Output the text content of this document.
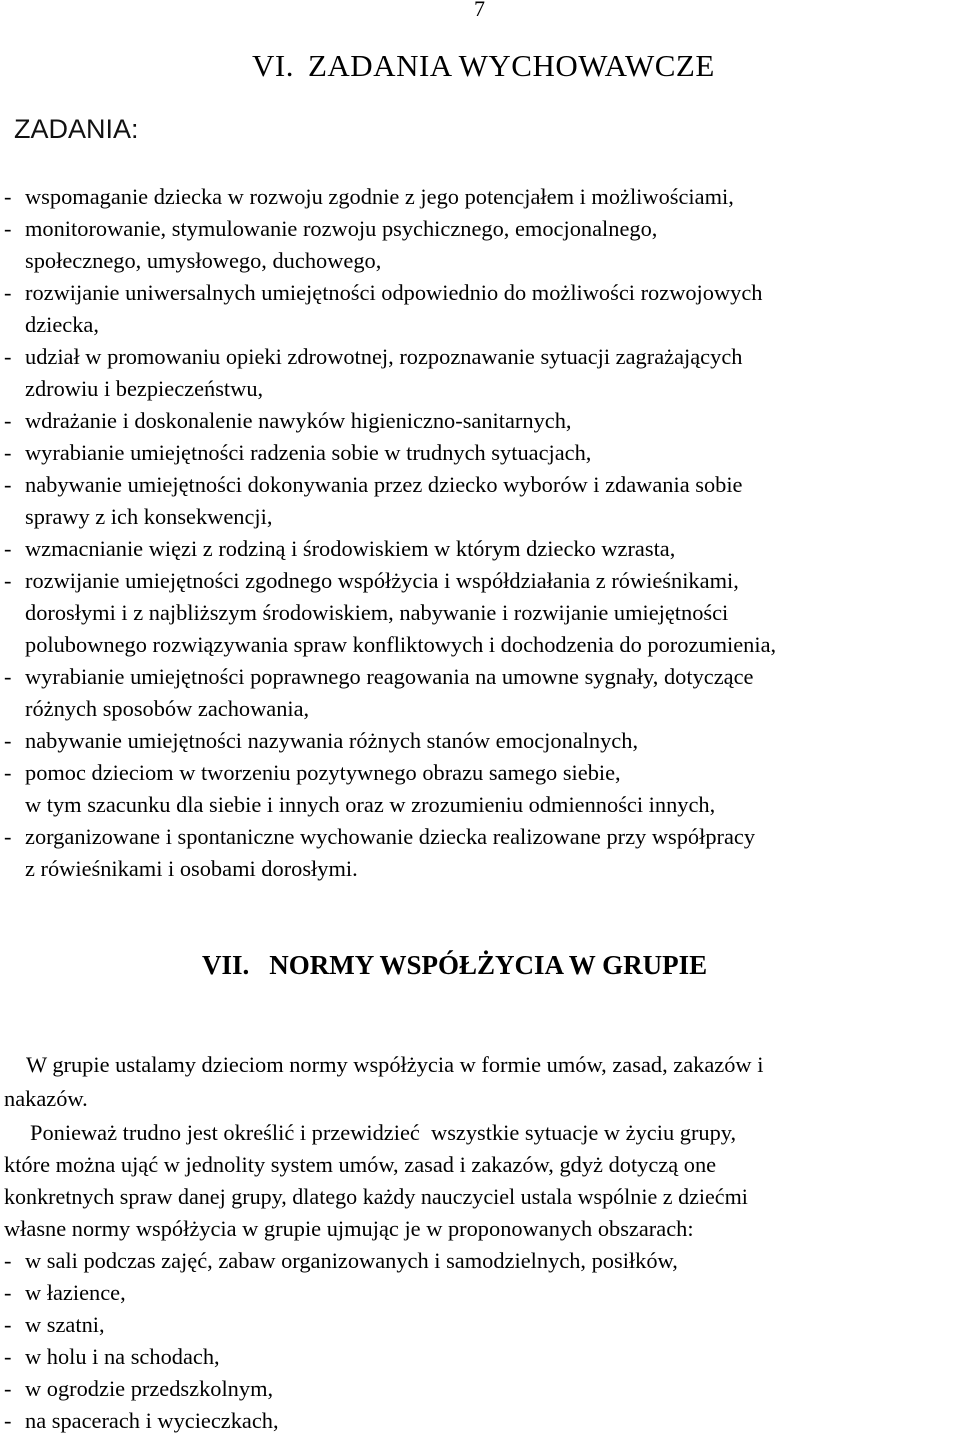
7
VI. ZADANIA WYCHOWAWCZE
ZADANIA:
- wspomaganie dziecka w rozwoju zgodnie z jego potencjałem i możliwościami,
- monitorowanie, stymulowanie rozwoju psychicznego, emocjonalnego,
społecznego, umysłowego, duchowego,
- rozwijanie uniwersalnych umiejętności odpowiednio do możliwości rozwojowych
dziecka,
- udział w promowaniu opieki zdrowotnej, rozpoznawanie sytuacji zagrażających
zdrowiu i bezpieczeństwu,
- wdrażanie i doskonalenie nawyków higieniczno-sanitarnych,
- wyrabianie umiejętności radzenia sobie w trudnych sytuacjach,
- nabywanie umiejętności dokonywania przez dziecko wyborów i zdawania sobie
sprawy z ich konsekwencji,
- wzmacnianie więzi z rodziną i środowiskiem w którym dziecko wzrasta,
- rozwijanie umiejętności zgodnego współżycia i współdziałania z rówieśnikami,
dorosłymi i z najbliższym środowiskiem, nabywanie i rozwijanie umiejętności
polubownego rozwiązywania spraw konfliktowych i dochodzenia do porozumienia,
- wyrabianie umiejętności poprawnego reagowania na umowne sygnały, dotyczące
różnych sposobów zachowania,
- nabywanie umiejętności nazywania różnych stanów emocjonalnych,
- pomoc dzieciom w tworzeniu pozytywnego obrazu samego siebie,
w tym szacunku dla siebie i innych oraz w zrozumieniu odmienności innych,
- zorganizowane i spontaniczne wychowanie dziecka realizowane przy współpracy
z rówieśnikami i osobami dorosłymi.
VII. NORMY WSPÓŁŻYCIA W GRUPIE
W grupie ustalamy dzieciom normy współżycia w formie umów, zasad, zakazów i
nakazów.
Ponieważ trudno jest określić i przewidzieć  wszystkie sytuacje w życiu grupy,
które można ująć w jednolity system umów, zasad i zakazów, gdyż dotyczą one
konkretnych spraw danej grupy, dlatego każdy nauczyciel ustala wspólnie z dziećmi
własne normy współżycia w grupie ujmując je w proponowanych obszarach:
- w sali podczas zajęć, zabaw organizowanych i samodzielnych, posiłków,
- w łazience,
- w szatni,
- w holu i na schodach,
- w ogrodzie przedszkolnym,
- na spacerach i wycieczkach,
